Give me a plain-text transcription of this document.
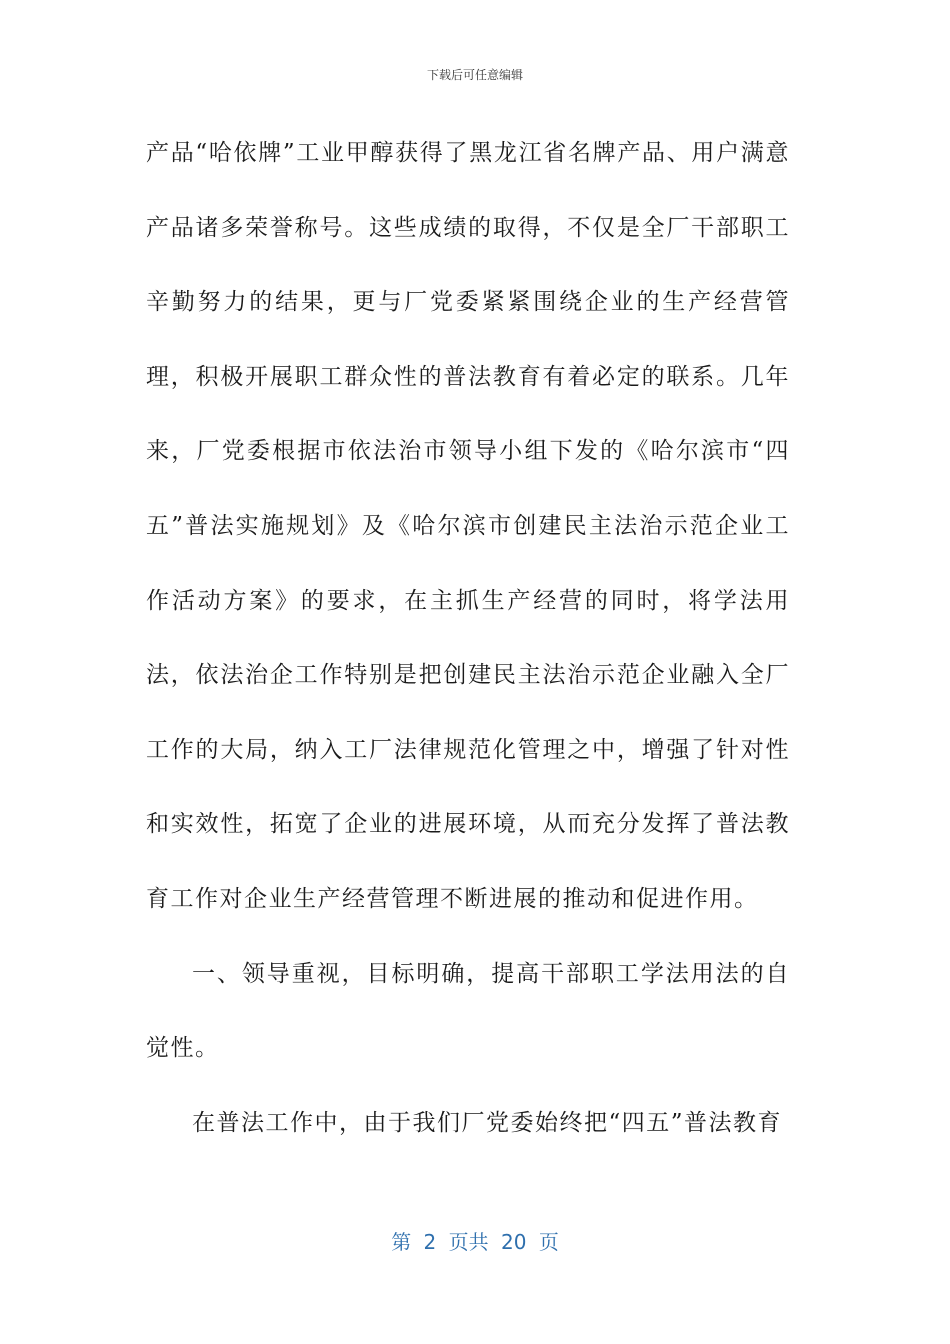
下载后可任意编辑

产品“哈依牌”工业甲醇获得了黑龙江省名牌产品、用户满意产品诸多荣誉称号。这些成绩的取得，不仅是全厂干部职工辛勤努力的结果，更与厂党委紧紧围绕企业的生产经营管理，积极开展职工群众性的普法教育有着必定的联系。几年来，厂党委根据市依法治市领导小组下发的《哈尔滨市“四五”普法实施规划》及《哈尔滨市创建民主法治示范企业工作活动方案》的要求，在主抓生产经营的同时，将学法用法，依法治企工作特别是把创建民主法治示范企业融入全厂工作的大局，纳入工厂法律规范化管理之中，增强了针对性和实效性，拓宽了企业的进展环境，从而充分发挥了普法教育工作对企业生产经营管理不断进展的推动和促进作用。

一、领导重视，目标明确，提高干部职工学法用法的自觉性。

在普法工作中，由于我们厂党委始终把“四五”普法教育

第 2 页共 20 页
